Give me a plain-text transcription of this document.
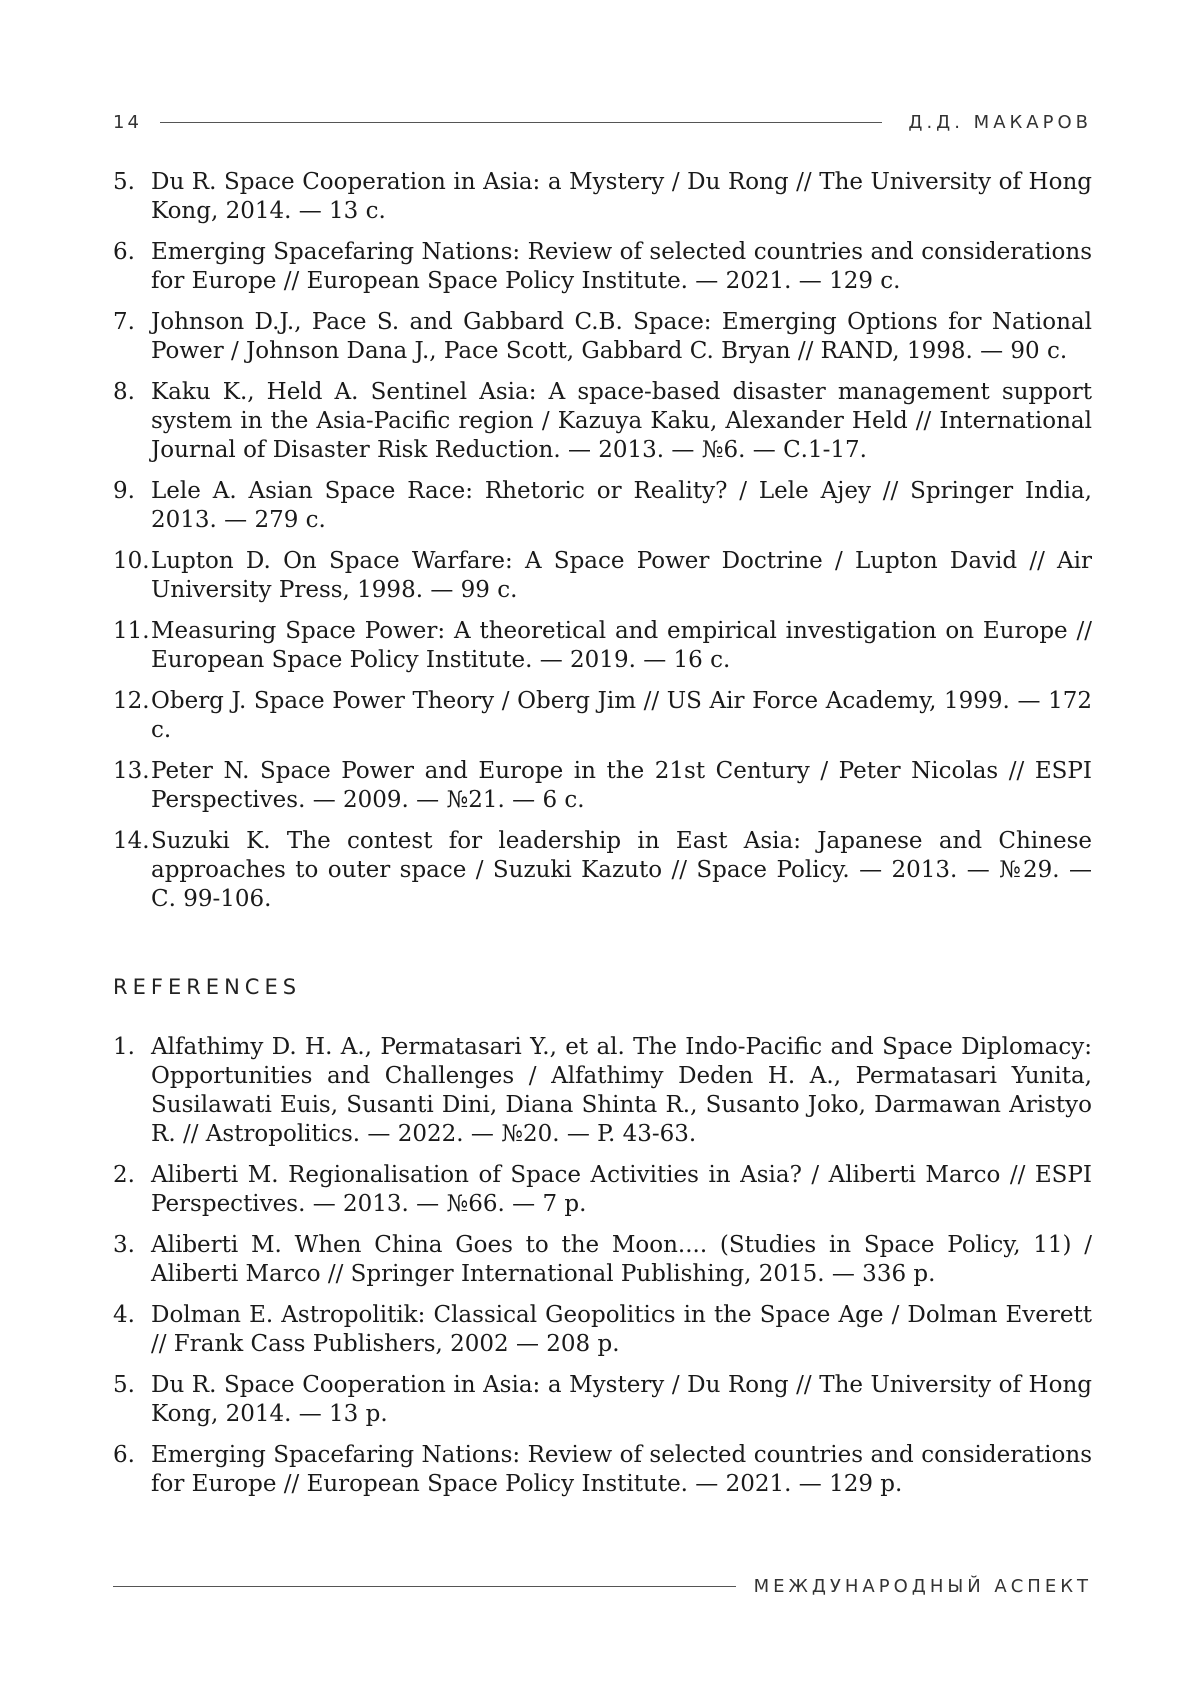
14	Д.Д. МАКАРОВ
5. Du R. Space Cooperation in Asia: a Mystery / Du Rong // The University of Hong Kong, 2014. — 13 с.
6. Emerging Spacefaring Nations: Review of selected countries and considerations for Europe // European Space Policy Institute. — 2021. — 129 с.
7. Johnson D.J., Pace S. and Gabbard C.B. Space: Emerging Options for National Power / Johnson Dana J., Pace Scott, Gabbard C. Bryan // RAND, 1998. — 90 с.
8. Kaku K., Held A. Sentinel Asia: A space-based disaster management support system in the Asia-Pacific region / Kazuya Kaku, Alexander Held // International Journal of Disaster Risk Reduction. — 2013. — №6. — С.1-17.
9. Lele A. Asian Space Race: Rhetoric or Reality? / Lele Ajey // Springer India, 2013. — 279 с.
10. Lupton D. On Space Warfare: A Space Power Doctrine / Lupton David // Air University Press, 1998. — 99 с.
11. Measuring Space Power: A theoretical and empirical investigation on Europe // European Space Policy Institute. — 2019. — 16 с.
12. Oberg J. Space Power Theory / Oberg Jim // US Air Force Academy, 1999. — 172 с.
13. Peter N. Space Power and Europe in the 21st Century / Peter Nicolas // ESPI Perspectives. — 2009. — №21. — 6 с.
14. Suzuki K. The contest for leadership in East Asia: Japanese and Chinese approaches to outer space / Suzuki Kazuto // Space Policy. — 2013. — №29. — С. 99-106.
REFERENCES
1. Alfathimy D. H. A., Permatasari Y., et al. The Indo-Pacific and Space Diplomacy: Opportunities and Challenges / Alfathimy Deden H. A., Permatasari Yunita, Susilawati Euis, Susanti Dini, Diana Shinta R., Susanto Joko, Darmawan Aristyo R. // Astropolitics. — 2022. — №20. — P. 43-63.
2. Aliberti M. Regionalisation of Space Activities in Asia? / Aliberti Marco // ESPI Perspectives. — 2013. — №66. — 7 p.
3. Aliberti M. When China Goes to the Moon.... (Studies in Space Policy, 11) / Aliberti Marco // Springer International Publishing, 2015. — 336 p.
4. Dolman E. Astropolitik: Classical Geopolitics in the Space Age / Dolman Everett // Frank Cass Publishers, 2002 — 208 p.
5. Du R. Space Cooperation in Asia: a Mystery / Du Rong // The University of Hong Kong, 2014. — 13 p.
6. Emerging Spacefaring Nations: Review of selected countries and considerations for Europe // European Space Policy Institute. — 2021. — 129 p.
МЕЖДУНАРОДНЫЙ АСПЕКТ
